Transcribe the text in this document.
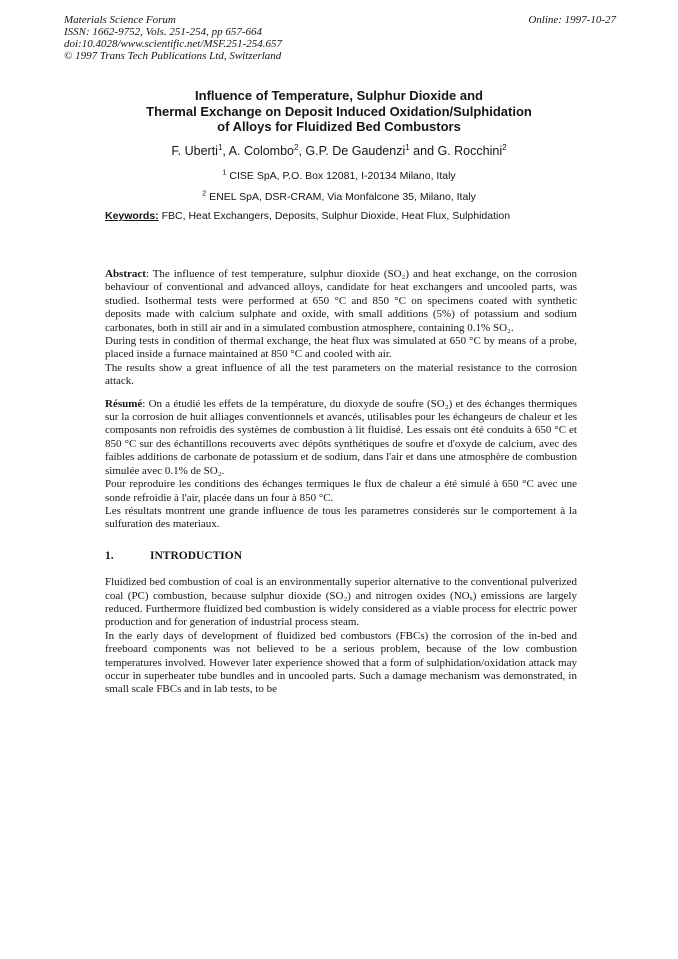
Materials Science Forum
ISSN: 1662-9752, Vols. 251-254, pp 657-664
doi:10.4028/www.scientific.net/MSF.251-254.657
© 1997 Trans Tech Publications Ltd, Switzerland
Online: 1997-10-27
Influence of Temperature, Sulphur Dioxide and
Thermal Exchange on Deposit Induced Oxidation/Sulphidation
of Alloys for Fluidized Bed Combustors
F. Uberti$^1$, A. Colombo$^2$, G.P. De Gaudenzi$^1$ and G. Rocchini$^2$
$^1$ CISE SpA, P.O. Box 12081, I-20134 Milano, Italy
$^2$ ENEL SpA, DSR-CRAM, Via Monfalcone 35, Milano, Italy
Keywords: FBC, Heat Exchangers, Deposits, Sulphur Dioxide, Heat Flux, Sulphidation

Abstract: The influence of test temperature, sulphur dioxide (SO₂) and heat exchange, on the corrosion behaviour of conventional and advanced alloys, candidate for heat exchangers and uncooled parts, was studied. Isothermal tests were performed at 650 °C and 850 °C on specimens coated with synthetic deposits made with calcium sulphate and oxide, with small additions (5%) of potassium and sodium carbonates, both in still air and in a simulated combustion atmosphere, containing 0.1% SO₂.

During tests in condition of thermal exchange, the heat flux was simulated at 650 °C by means of a probe, placed inside a furnace maintained at 850 °C and cooled with air.

The results show a great influence of all the test parameters on the material resistance to the corrosion attack.

Résumé: On a étudié les effets de la température, du dioxyde de soufre (SO₂) et des échanges thermiques sur la corrosion de huit alliages conventionnels et avancés, utilisables pour les échangeurs de chaleur et les composants non refroidis des systèmes de combustion à lit fluidisé. Les essais ont été conduits à 650 °C et 850 °C sur des échantillons recouverts avec dépôts synthétiques de soufre et d'oxyde de calcium, avec des faibles additions de carbonate de potassium et de sodium, dans l'air et dans une atmosphère de combustion simulée avec 0.1% de SO₂.

Pour reproduire les conditions des échanges termiques le flux de chaleur a été simulé à 650 °C avec une sonde refroidie à l'air, placée dans un four à 850 °C.

Les résultats montrent une grande influence de tous les parametres considerés sur le comportement à la sulfuration des materiaux.

1.	INTRODUCTION

Fluidized bed combustion of coal is an environmentally superior alternative to the conventional pulverized coal (PC) combustion, because sulphur dioxide (SO₂) and nitrogen oxides (NOₓ) emissions are largely reduced. Furthermore fluidized bed combustion is widely considered as a viable process for electric power production and for generation of industrial process steam.

In the early days of development of fluidized bed combustors (FBCs) the corrosion of the in-bed and freeboard components was not believed to be a serious problem, because of the low combustion temperatures involved. However later experience showed that a form of sulphidation/oxidation attack may occur in superheater tube bundles and in uncooled parts. Such a damage mechanism was demonstrated, in small scale FBCs and in lab tests, to be
